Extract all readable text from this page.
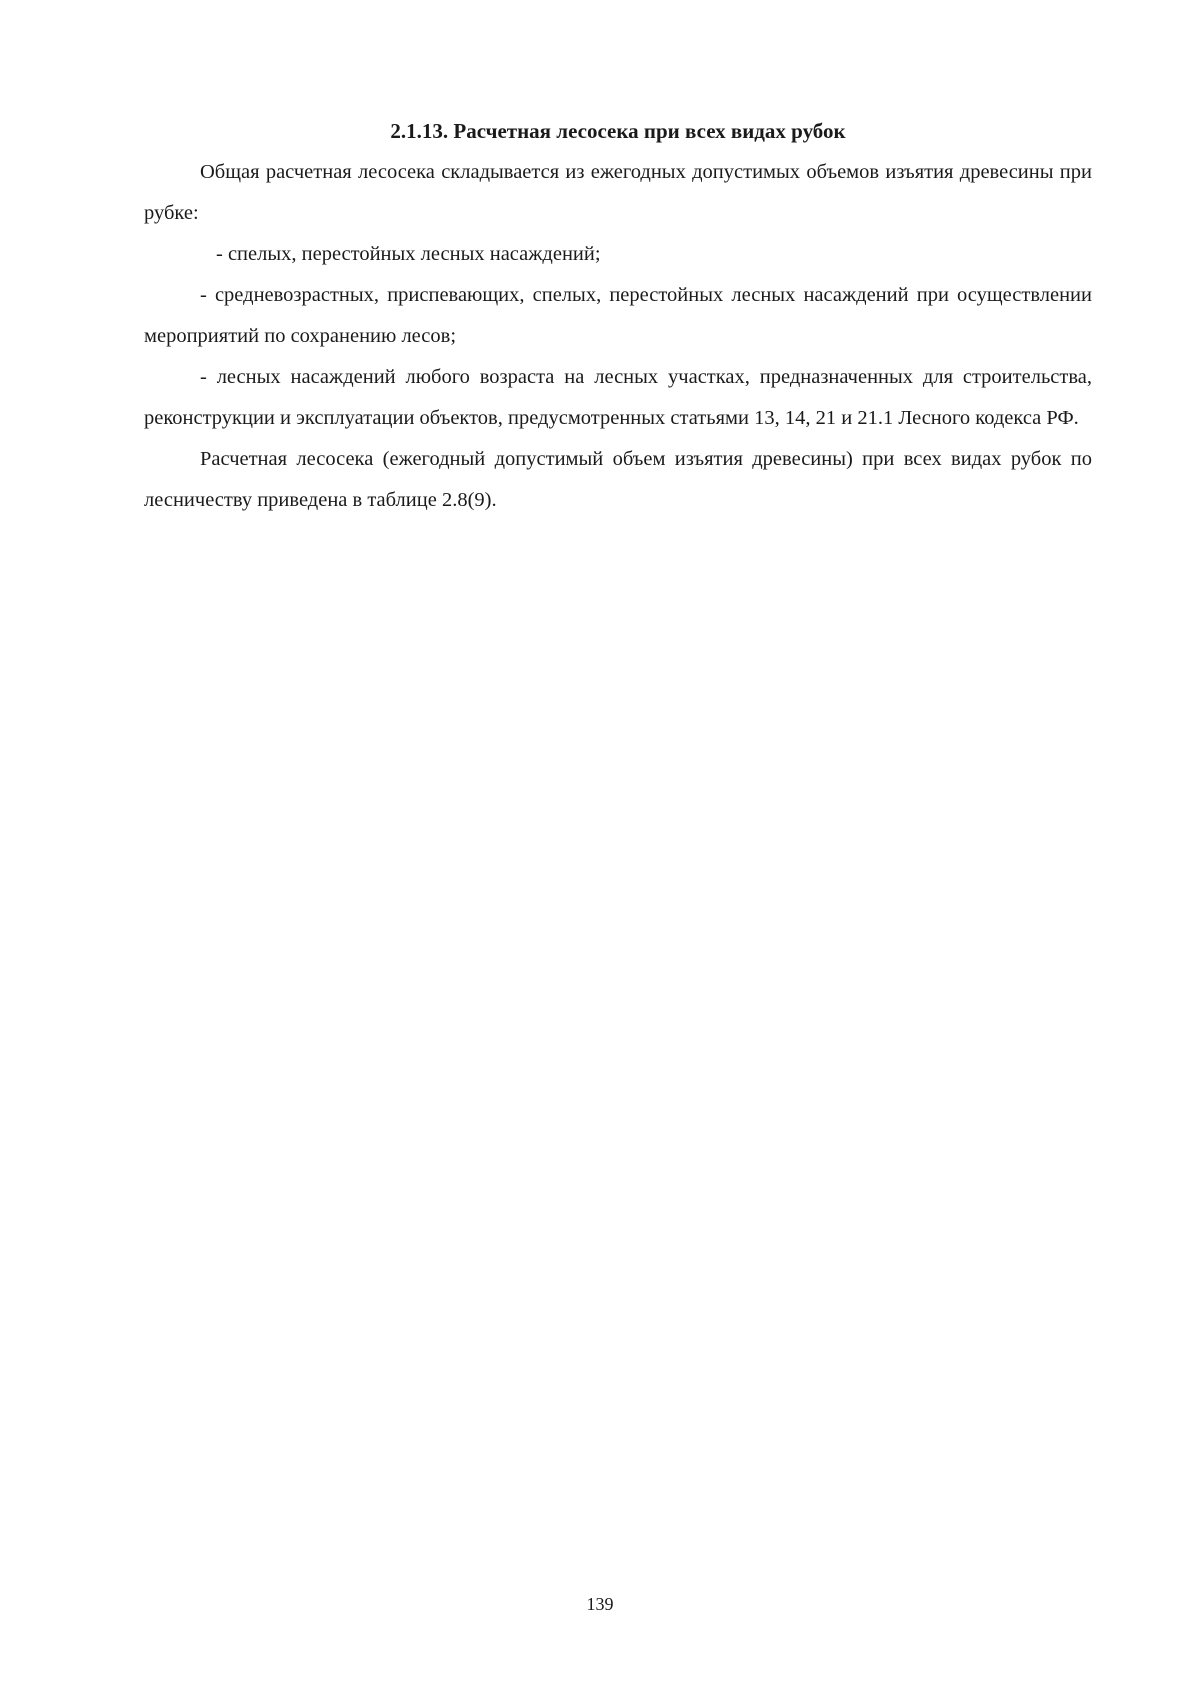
2.1.13. Расчетная лесосека при всех видах рубок

Общая расчетная лесосека складывается из ежегодных допустимых объемов изъятия древесины при рубке:

- спелых, перестойных лесных насаждений;

- средневозрастных, приспевающих, спелых, перестойных лесных насаждений при осуществлении мероприятий по сохранению лесов;

- лесных насаждений любого возраста на лесных участках, предназначенных для строительства, реконструкции и эксплуатации объектов, предусмотренных статьями 13, 14, 21 и 21.1 Лесного кодекса РФ.

Расчетная лесосека (ежегодный допустимый объем изъятия древесины) при всех видах рубок по лесничеству приведена в таблице 2.8(9).

139
